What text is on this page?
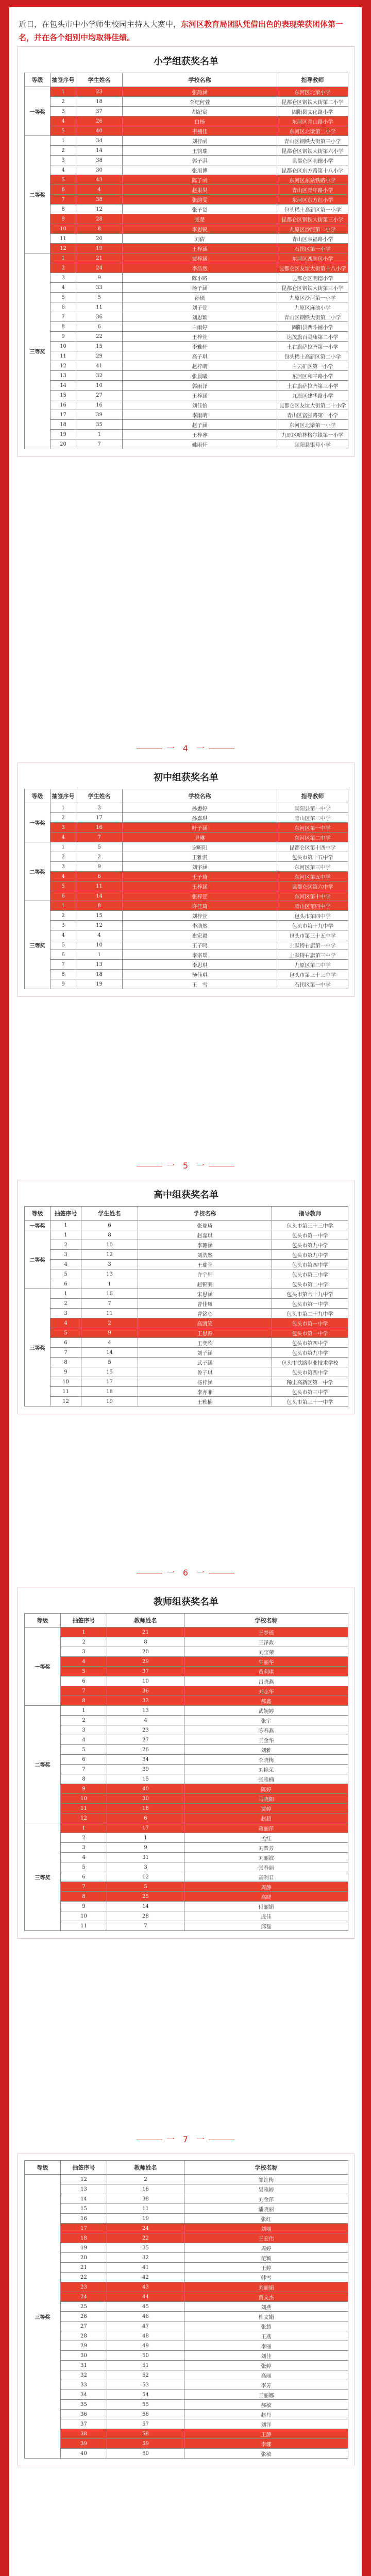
近日，在包头市中小学师生校园主持人大赛中，东河区教育局团队凭借出色的表现荣获团体第一名，并在各个组别中均取得佳绩。
小学组获奖名单
等级	抽签序号	学生姓名	学校名称	指导教师	
一等奖	1	23	张韵涵	东河区北梁小学	
	2	18	李纪何萱	昆都仑区钢铁大街第二小学	
	3	37	胡纪宸	固阳县文化路小学	
	4	26	白杨	东河区青山路小学	
	5	40	韦楠佳	东河区北梁第二小学	
二等奖	1	34	刘梓函	青山区钢铁大街第三小学	
	2	14	王钧瑞	昆都仑区钢铁大街第六小学	
	3	38	郭子淇	昆都仑区明德小学	
	4	30	张旭博	昆都仑区东方路第十八小学	
	5	43	陈子函	东河区东站铁路小学	
	6	4	赵果果	青山区青年路小学	
	7	38	张韵雯	东河区东方红小学	
	8	12	张子贤	包头稀土高新区第一小学	
	9	28	张楚	昆都仑区钢铁大街第三小学	
	10	8	李思锐	九原区沙河第二小学	
	11	20	刘倩	青山区幸福路小学	
	12	19	王梓涵	石拐区第一小学	
三等奖	1	21	贾梓涵	东河区西脑包小学	
	2	24	李浩然	昆都仑区友谊大街第十八小学	
	3	9	陈小路	昆都仑区明德小学	
	4	33	杨子涵	昆都仑区钢铁大街第三小学	
	5	5	孙硕	九原区沙河第一小学	
	6	11	刘子萱	九原区麻池小学	
	7	36	刘思颖	青山区钢铁大街第二小学	
	8	6	白雨婷	固阳县西斗铺小学	
	9	22	王梓萱	达茂旗百灵庙第二小学	
	10	15	李雅轩	土右旗萨拉齐第一小学	
	11	29	高子琪	包头稀土高新区第二小学	
	12	41	赵梓萌	白云矿区第一小学	
	13	32	张晨曦	东河区和平路小学	
	14	10	郭雨泽	土右旗萨拉齐第三小学	
	15	27	王梓涵	九原区建华路小学	
	16	16	刘佳怡	昆都仑区友谊大街第二十小学	
	17	39	李雨萌	青山区富强路第一小学	
	18	35	赵子涵	东河区北梁第一小学	
	19	1	王梓睿	九原区哈林格尔镇第一小学	
	20	7	姚雨轩	固阳县银号小学	
一　4　一
初中组获奖名单
等级	抽签序号	学生姓名	学校名称	指导教师	
一等奖	1	3	孙懋婷	固阳县第一中学	
	2	17	孙嘉琪	青山区第二中学	
	3	16	叶子涵	东河区第一中学	
	4	7	尹琳	东河区第二中学	
二等奖	1	5	谢昕阳	昆都仑区第十四中学	
	2	2	王雅淇	包头市第十五中学	
	3	9	刘宇涵	东河区第三中学	
	4	6	王子琦	东河区第五中学	
	5	11	王梓涵	昆都仑区第六中学	
	6	14	张梓萱	东河区第十中学	
三等奖	1	8	许佳琦	青山区第四中学	
	2	15	刘梓萱	包头市第四中学	
	3	12	李浩然	包头市第十九中学	
	4	4	崔宏毅	包头市第三十五中学	
	5	10	王子鸣	土默特右旗第一中学	
	6	1	李宗瑶	土默特右旗第三中学	
	7	13	李思琪	九原区第二中学	
	8	18	杨佳琪	包头市第三十三中学	
	9	19	王　雪	石拐区第一中学	
一　5　一
高中组获奖名单
等级	抽签序号	学生姓名	学校名称	指导教师	
一等奖	1	6	张瑞琦	包头市第三十三中学	
二等奖	1	8	赵嘉琪	包头市第一中学	
	2	10	李璐涵	包头市第九中学	
	3	12	刘浩然	包头市第九中学	
	4	3	王瑞萱	包头市第四中学	
	5	13	许宇轩	包头市第三中学	
	6	1	赵锦鹏	包头市第二中学	
三等奖	1	16	宋思涵	包头市第六十九中学	
	2	7	曹佳凤	包头市第一中学	
	3	11	曹铭心	包头市第二十九中学	
	4	2	高凯笑	包头市第一中学	
	5	9	王思源	包头市第一中学	
	6	4	王奕欣	包头市第四中学	
	7	14	刘子涵	包头市第九中学	
	8	5	武子涵	包头市铁路职业技术学校	
	9	15	鲁子琪	包头市第四中学	
	10	17	杨梓涵	稀土高新区第一中学	
	11	18	李亦菲	包头市第三中学	
	12	19	王雅楠	包头市第三十一中学	
一　6　一
教师组获奖名单
等级	抽签序号	教师姓名	学校名称	
一等奖	1	21	王梦瑶	
	2	8	王泽政	
	3	20	刘宝荣	
	4	29	牛丽华	
	5	37	黄利琪	
	6	10	吕晓燕	
	7	36	刘志华	
	8	33	郝鑫	
二等奖	1	13	武婉婷	
	2	4	张宇	
	3	23	陈春燕	
	4	27	王金华	
	5	26	刘雅	
	6	34	李晓梅	
	7	39	刘艳荣	
	8	15	张雅楠	
	9	40	陈婷	
	10	30	马晓阳	
	11	18	贾婷	
	12	6	赵超	
三等奖	1	17	蒋丽萍	
	2	1	孟红	
	3	9	刘晋芳	
	4	31	刘丽波	
	5	3	张春丽	
	6	12	高利君	
	7	5	周静	
	8	25	高晓	
	9	14	付丽娟	
	10	28	庞佳	
	11	7	邱磊	
一　7　一
等级	抽签序号	教师姓名	学校名称	
三等奖	12	2	邹红梅	
	13	16	吴雅婷	
	14	38	刘金萍	
	15	11	潘晓丽	
	16	19	张红	
	17	24	刘丽	
	18	22	王宏伟	
	19	35	周婷	
	20	32	范颖	
	21	41	王婷	
	22	42	韩雪	
	23	43	刘丽娟	
	24	44	贾文杰	
	25	45	刘燕	
	26	46	杜文娟	
	27	47	张慧	
	28	48	王燕	
	29	49	李丽	
	30	50	刘佳	
	31	51	张婷	
	32	52	高丽	
	33	53	李芳	
	34	54	王丽娜	
	35	55	郝敏	
	36	56	赵丹	
	37	57	刘洋	
	38	58	王静	
	39	59	李娜	
	40	60	张敏	
东河区教育局将以此为契机，进一步创新模式实施“五育并举”，继续加强对学生综合素质的培养，注重学生实践能力和创新能力的提升，弘扬中华优秀传统文化，营造崇文尚善氛围，以行动彰显东河教育的风
